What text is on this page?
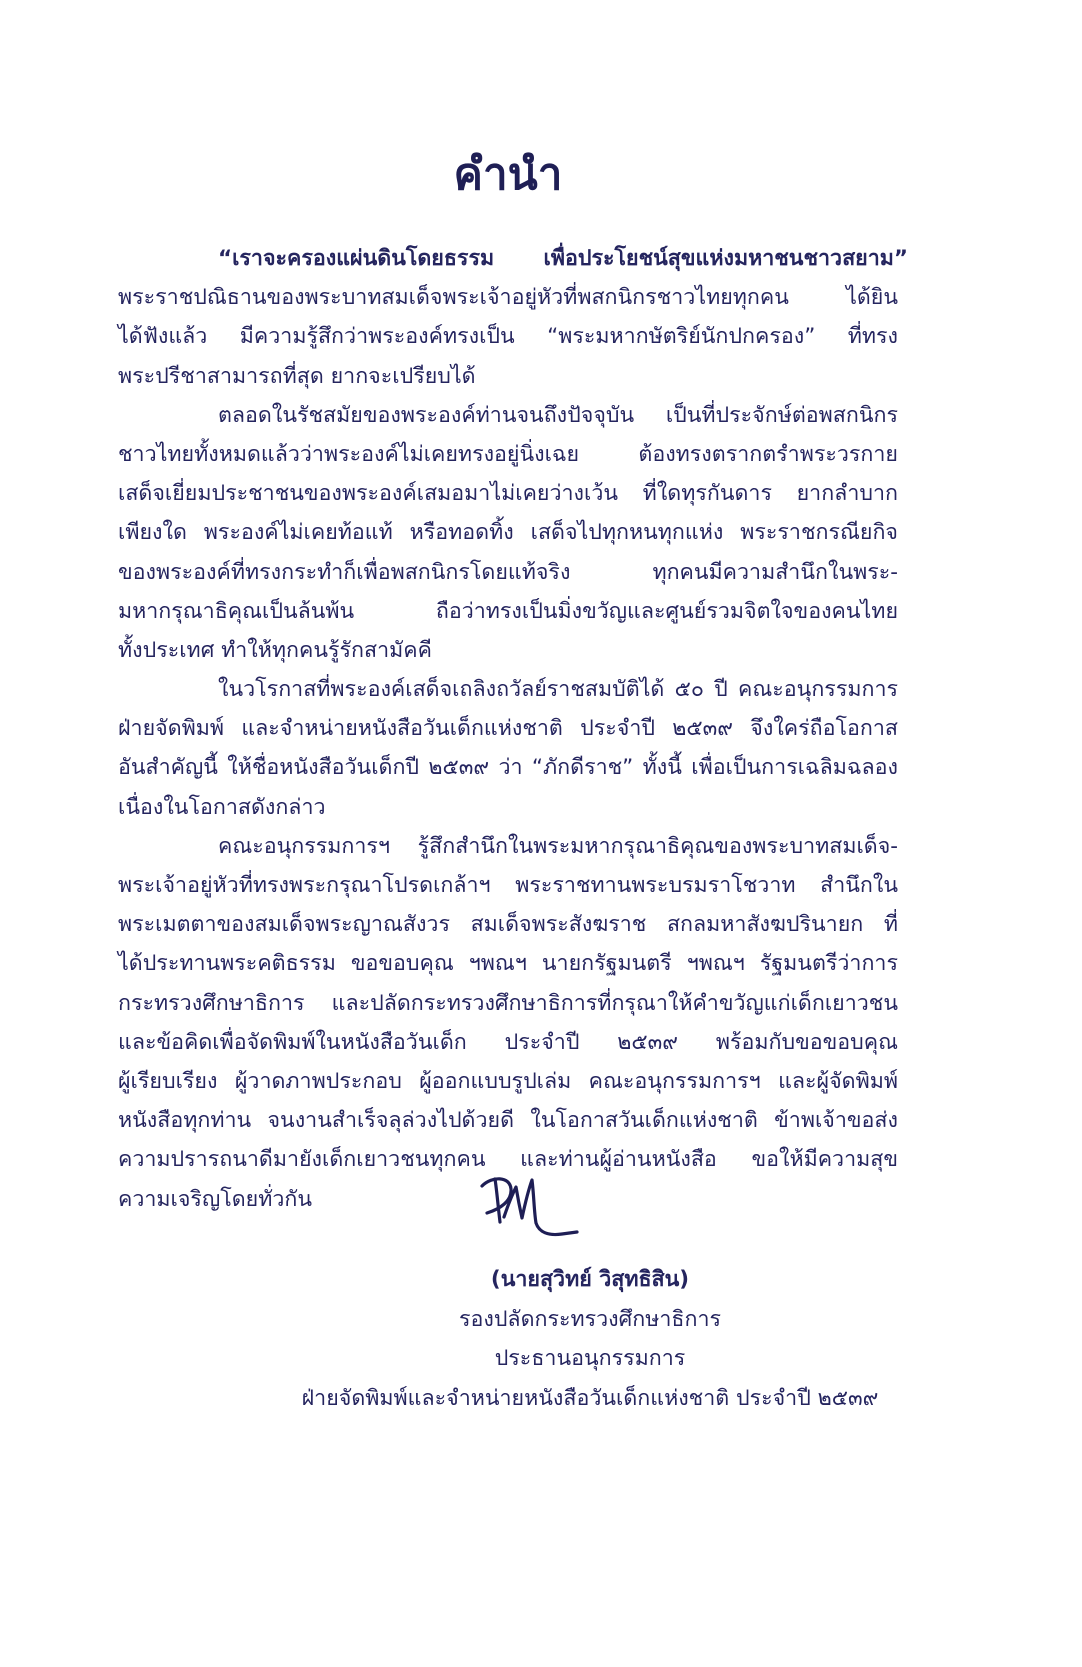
คำนำ
“เราจะครองแผ่นดินโดยธรรม เพื่อประโยชน์สุขแห่งมหาชนชาวสยาม”
พระราชปณิธานของพระบาทสมเด็จพระเจ้าอยู่หัวที่พสกนิกรชาวไทยทุกคน ได้ยิน
ได้ฟังแล้ว มีความรู้สึกว่าพระองค์ทรงเป็น “พระมหากษัตริย์นักปกครอง” ที่ทรง
พระปรีชาสามารถที่สุด ยากจะเปรียบได้
ตลอดในรัชสมัยของพระองค์ท่านจนถึงปัจจุบัน เป็นที่ประจักษ์ต่อพสกนิกร
ชาวไทยทั้งหมดแล้วว่าพระองค์ไม่เคยทรงอยู่นิ่งเฉย ต้องทรงตรากตรำพระวรกาย
เสด็จเยี่ยมประชาชนของพระองค์เสมอมาไม่เคยว่างเว้น ที่ใดทุรกันดาร ยากลำบาก
เพียงใด พระองค์ไม่เคยท้อแท้ หรือทอดทิ้ง เสด็จไปทุกหนทุกแห่ง พระราชกรณียกิจ
ของพระองค์ที่ทรงกระทำก็เพื่อพสกนิกรโดยแท้จริง ทุกคนมีความสำนึกในพระ-
มหากรุณาธิคุณเป็นล้นพ้น ถือว่าทรงเป็นมิ่งขวัญและศูนย์รวมจิตใจของคนไทย
ทั้งประเทศ ทำให้ทุกคนรู้รักสามัคคี
ในวโรกาสที่พระองค์เสด็จเถลิงถวัลย์ราชสมบัติได้ ๕๐ ปี คณะอนุกรรมการ
ฝ่ายจัดพิมพ์ และจำหน่ายหนังสือวันเด็กแห่งชาติ ประจำปี ๒๕๓๙ จึงใคร่ถือโอกาส
อันสำคัญนี้ ให้ชื่อหนังสือวันเด็กปี ๒๕๓๙ ว่า “ภักดีราช” ทั้งนี้ เพื่อเป็นการเฉลิมฉลอง
เนื่องในโอกาสดังกล่าว
คณะอนุกรรมการฯ รู้สึกสำนึกในพระมหากรุณาธิคุณของพระบาทสมเด็จ-
พระเจ้าอยู่หัวที่ทรงพระกรุณาโปรดเกล้าฯ พระราชทานพระบรมราโชวาท สำนึกใน
พระเมตตาของสมเด็จพระญาณสังวร สมเด็จพระสังฆราช สกลมหาสังฆปรินายก ที่
ได้ประทานพระคติธรรม ขอขอบคุณ ฯพณฯ นายกรัฐมนตรี ฯพณฯ รัฐมนตรีว่าการ
กระทรวงศึกษาธิการ และปลัดกระทรวงศึกษาธิการที่กรุณาให้คำขวัญแก่เด็กเยาวชน
และข้อคิดเพื่อจัดพิมพ์ในหนังสือวันเด็ก ประจำปี ๒๕๓๙ พร้อมกับขอขอบคุณ
ผู้เรียบเรียง ผู้วาดภาพประกอบ ผู้ออกแบบรูปเล่ม คณะอนุกรรมการฯ และผู้จัดพิมพ์
หนังสือทุกท่าน จนงานสำเร็จลุล่วงไปด้วยดี ในโอกาสวันเด็กแห่งชาติ ข้าพเจ้าขอส่ง
ความปรารถนาดีมายังเด็กเยาวชนทุกคน และท่านผู้อ่านหนังสือ ขอให้มีความสุข
ความเจริญโดยทั่วกัน
(นายสุวิทย์ วิสุทธิสิน)
รองปลัดกระทรวงศึกษาธิการ
ประธานอนุกรรมการ
ฝ่ายจัดพิมพ์และจำหน่ายหนังสือวันเด็กแห่งชาติ ประจำปี ๒๕๓๙
